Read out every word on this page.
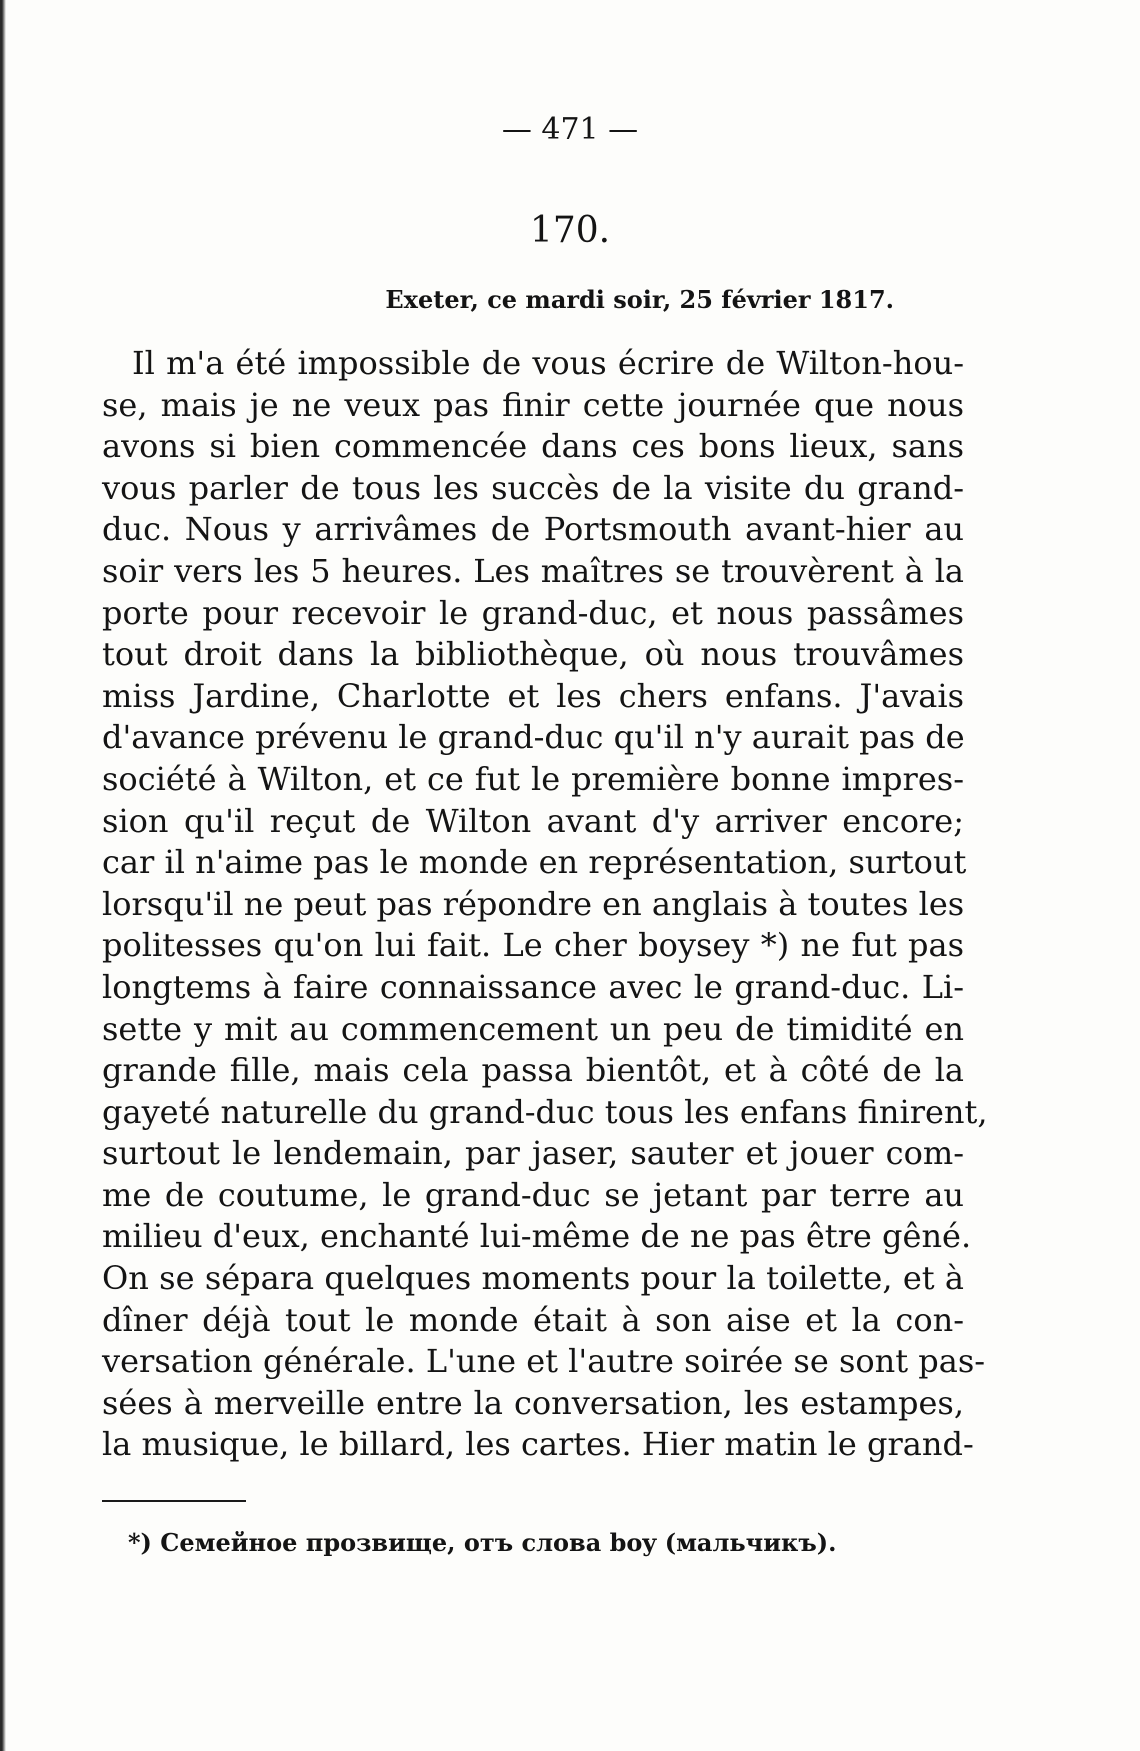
— 471 —
170.
Exeter, ce mardi soir, 25 février 1817.
Il m'a été impossible de vous écrire de Wilton-hou-
se, mais je ne veux pas finir cette journée que nous
avons si bien commencée dans ces bons lieux, sans
vous parler de tous les succès de la visite du grand-
duc. Nous y arrivâmes de Portsmouth avant-hier au
soir vers les 5 heures. Les maîtres se trouvèrent à la
porte pour recevoir le grand-duc, et nous passâmes
tout droit dans la bibliothèque, où nous trouvâmes
miss Jardine, Charlotte et les chers enfans. J'avais
d'avance prévenu le grand-duc qu'il n'y aurait pas de
société à Wilton, et ce fut le première bonne impres-
sion qu'il reçut de Wilton avant d'y arriver encore;
car il n'aime pas le monde en représentation, surtout
lorsqu'il ne peut pas répondre en anglais à toutes les
politesses qu'on lui fait. Le cher boysey *) ne fut pas
longtems à faire connaissance avec le grand-duc. Li-
sette y mit au commencement un peu de timidité en
grande fille, mais cela passa bientôt, et à côté de la
gayeté naturelle du grand-duc tous les enfans finirent,
surtout le lendemain, par jaser, sauter et jouer com-
me de coutume, le grand-duc se jetant par terre au
milieu d'eux, enchanté lui-même de ne pas être gêné.
On se sépara quelques moments pour la toilette, et à
dîner déjà tout le monde était à son aise et la con-
versation générale. L'une et l'autre soirée se sont pas-
sées à merveille entre la conversation, les estampes,
la musique, le billard, les cartes. Hier matin le grand-
*) Семейное прозвище, отъ слова boy (мальчикъ).
